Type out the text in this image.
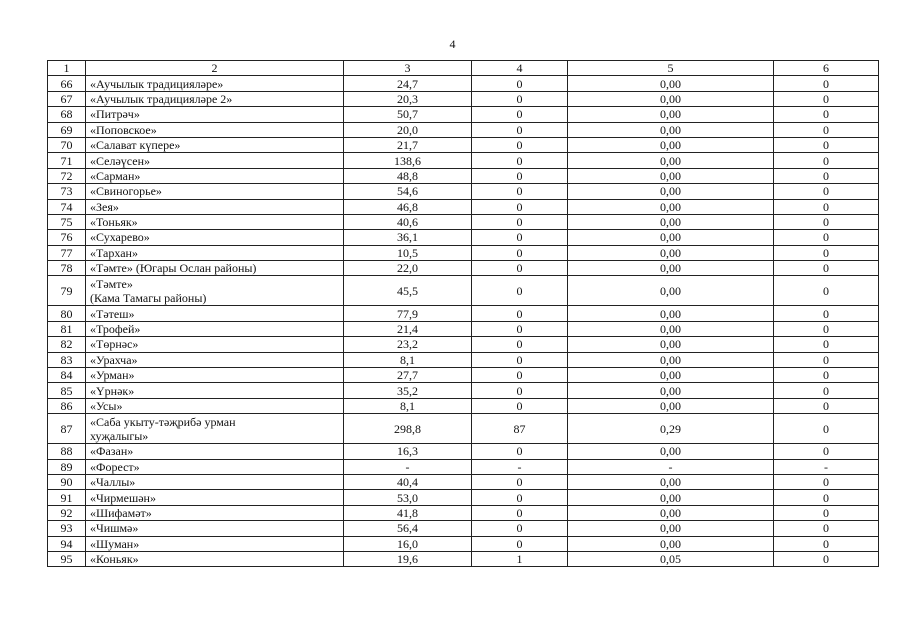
4
1	2	3	4	5	6
66	«Аучылык традицияләре»	24,7	0	0,00	0
67	«Аучылык традицияләре 2»	20,3	0	0,00	0
68	«Питрәч»	50,7	0	0,00	0
69	«Поповское»	20,0	0	0,00	0
70	«Салават күпере»	21,7	0	0,00	0
71	«Селәүсен»	138,6	0	0,00	0
72	«Сарман»	48,8	0	0,00	0
73	«Свиногорье»	54,6	0	0,00	0
74	«Зея»	46,8	0	0,00	0
75	«Тоньяк»	40,6	0	0,00	0
76	«Сухарево»	36,1	0	0,00	0
77	«Тархан»	10,5	0	0,00	0
78	«Тәмте» (Югары Ослан районы)	22,0	0	0,00	0
79	«Тәмте»
(Кама Тамагы районы)	45,5	0	0,00	0
80	«Тәтеш»	77,9	0	0,00	0
81	«Трофей»	21,4	0	0,00	0
82	«Төрнәс»	23,2	0	0,00	0
83	«Урахча»	8,1	0	0,00	0
84	«Урман»	27,7	0	0,00	0
85	«Үрнәк»	35,2	0	0,00	0
86	«Усы»	8,1	0	0,00	0
87	«Саба укыту-тәҗрибә урман
хуҗалыгы»	298,8	87	0,29	0
88	«Фазан»	16,3	0	0,00	0
89	«Форест»	-	-	-	-
90	«Чаллы»	40,4	0	0,00	0
91	«Чирмешән»	53,0	0	0,00	0
92	«Шифамәт»	41,8	0	0,00	0
93	«Чишмә»	56,4	0	0,00	0
94	«Шуман»	16,0	0	0,00	0
95	«Коньяк»	19,6	1	0,05	0
